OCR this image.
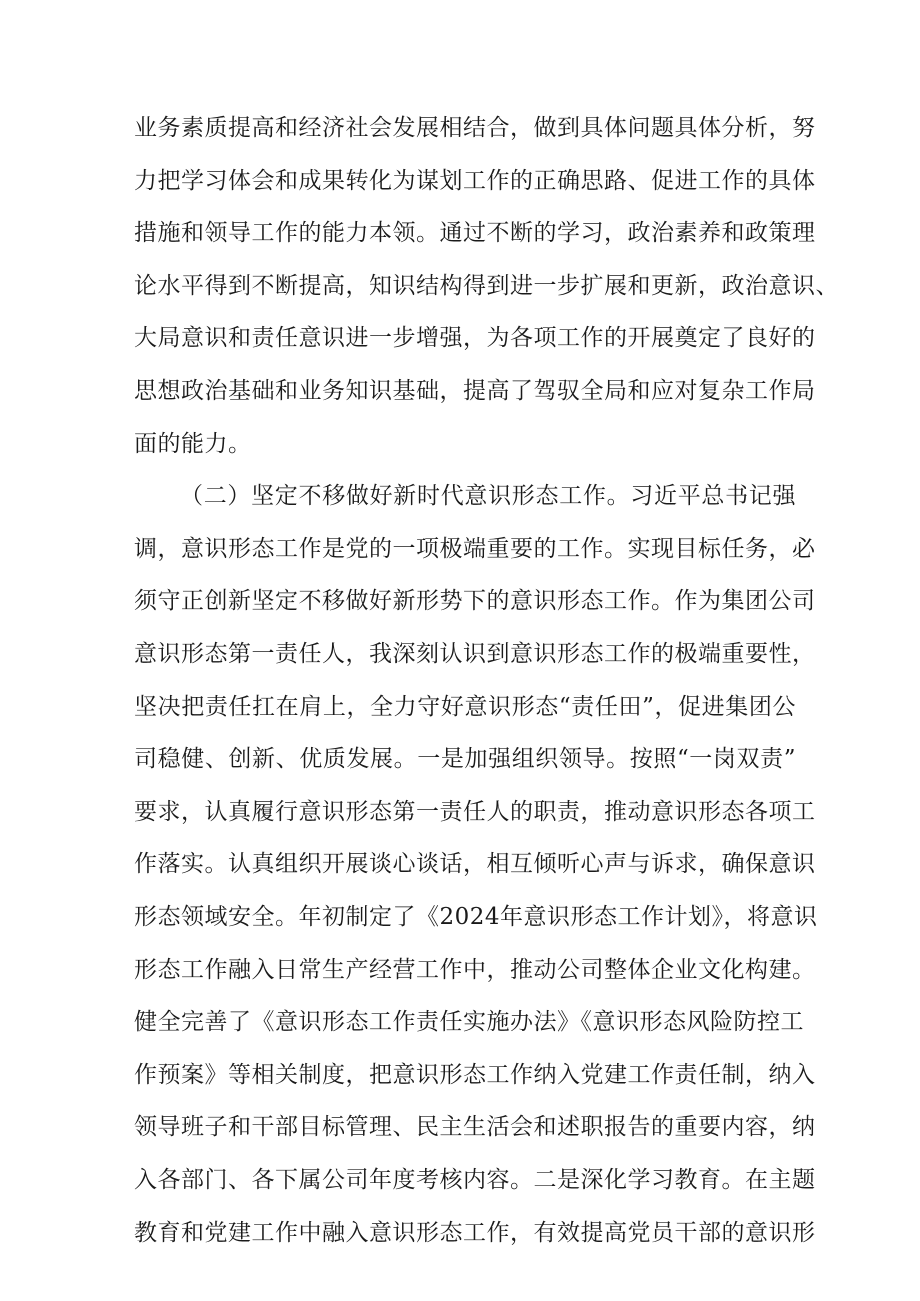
业务素质提高和经济社会发展相结合，做到具体问题具体分析，努
力把学习体会和成果转化为谋划工作的正确思路、促进工作的具体
措施和领导工作的能力本领。通过不断的学习，政治素养和政策理
论水平得到不断提高，知识结构得到进一步扩展和更新，政治意识、
大局意识和责任意识进一步增强，为各项工作的开展奠定了良好的
思想政治基础和业务知识基础，提高了驾驭全局和应对复杂工作局
面的能力。
（二）坚定不移做好新时代意识形态工作。习近平总书记强
调，意识形态工作是党的一项极端重要的工作。实现目标任务，必
须守正创新坚定不移做好新形势下的意识形态工作。作为集团公司
意识形态第一责任人，我深刻认识到意识形态工作的极端重要性，
坚决把责任扛在肩上，全力守好意识形态“责任田”，促进集团公
司稳健、创新、优质发展。一是加强组织领导。按照“一岗双责”
要求，认真履行意识形态第一责任人的职责，推动意识形态各项工
作落实。认真组织开展谈心谈话，相互倾听心声与诉求，确保意识
形态领域安全。年初制定了《2024年意识形态工作计划》，将意识
形态工作融入日常生产经营工作中，推动公司整体企业文化构建。
健全完善了《意识形态工作责任实施办法》《意识形态风险防控工
作预案》等相关制度，把意识形态工作纳入党建工作责任制，纳入
领导班子和干部目标管理、民主生活会和述职报告的重要内容，纳
入各部门、各下属公司年度考核内容。二是深化学习教育。在主题
教育和党建工作中融入意识形态工作，有效提高党员干部的意识形
